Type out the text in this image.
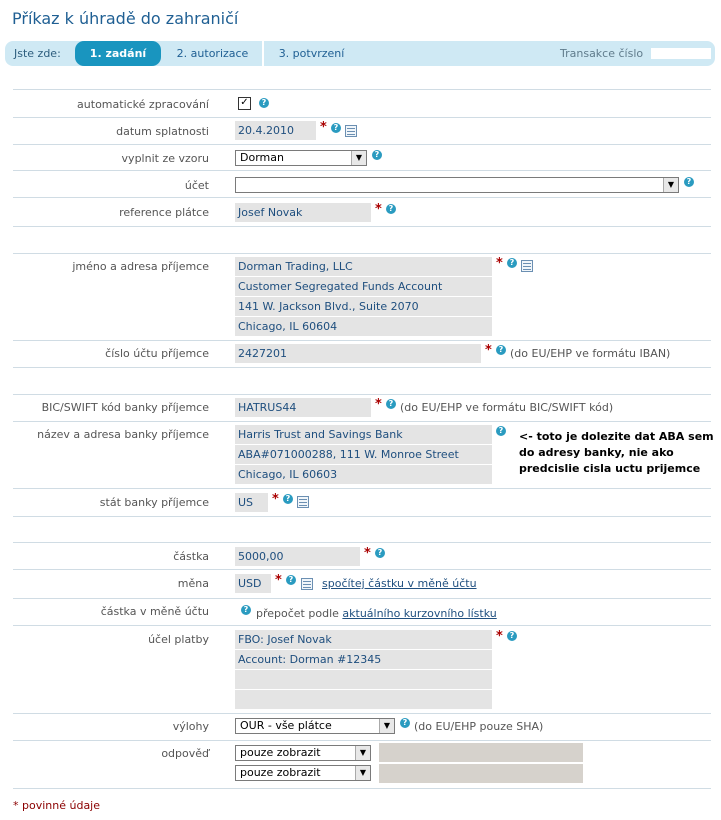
Příkaz k úhradě do zahraničí
Jste zde:	1. zadání	2. autorizace	3. potvrzení	Transakce číslo
automatické zpracování	✓	?
datum splatnosti	20.4.2010	* ?
vyplnit ze vzoru	Dorman	▼	?
účet	▼	?
reference plátce	Josef Novak	* ?
jméno a adresa příjemce	Dorman Trading, LLC
Customer Segregated Funds Account
141 W. Jackson Blvd., Suite 2070
Chicago, IL 60604
* ?
číslo účtu příjemce	2427201	* ? (do EU/EHP ve formátu IBAN)
BIC/SWIFT kód banky příjemce	HATRUS44	* ? (do EU/EHP ve formátu BIC/SWIFT kód)
název a adresa banky příjemce	Harris Trust and Savings Bank
ABA#071000288, 111 W. Monroe Street
Chicago, IL 60603
? <- toto je dolezite dat ABA sem
do adresy banky, nie ako
predcislie cisla uctu prijemce
stát banky příjemce	US	* ?
částka	5000,00	* ?
měna	USD	* ?	spočítej částku v měně účtu
částka v měně účtu	? přepočet podle aktuálního kurzovního lístku
účel platby	FBO: Josef Novak
Account: Dorman #12345
* ?
výlohy	OUR - vše plátce	▼	? (do EU/EHP pouze SHA)
odpověď	pouze zobrazit	▼
pouze zobrazit	▼
* povinné údaje
